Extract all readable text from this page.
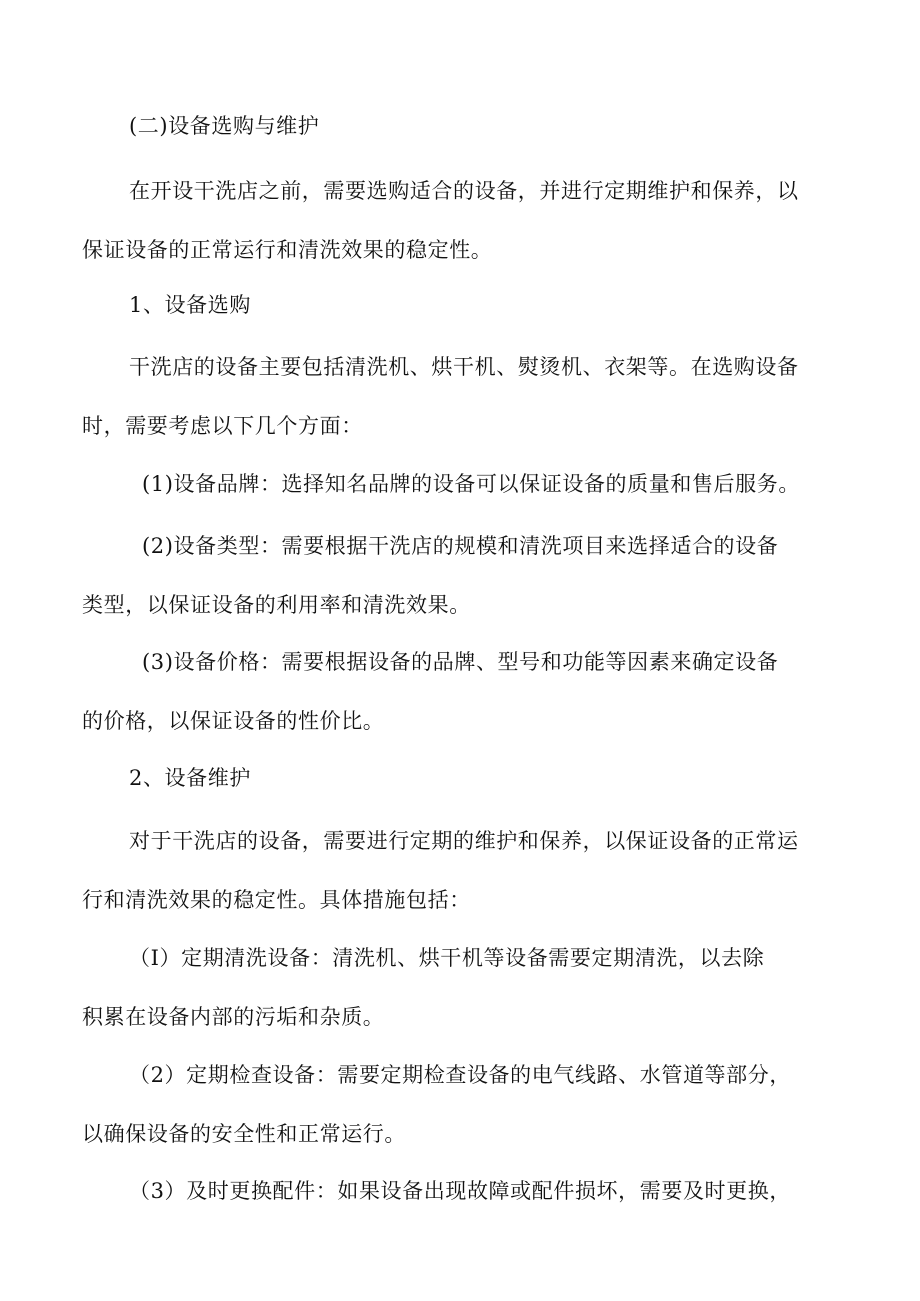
(二)设备选购与维护

在开设干洗店之前，需要选购适合的设备，并进行定期维护和保养，以
保证设备的正常运行和清洗效果的稳定性。

1、设备选购

干洗店的设备主要包括清洗机、烘干机、熨烫机、衣架等。在选购设备
时，需要考虑以下几个方面：

(1)设备品牌：选择知名品牌的设备可以保证设备的质量和售后服务。

(2)设备类型：需要根据干洗店的规模和清洗项目来选择适合的设备
类型，以保证设备的利用率和清洗效果。

(3)设备价格：需要根据设备的品牌、型号和功能等因素来确定设备
的价格，以保证设备的性价比。

2、设备维护

对于干洗店的设备，需要进行定期的维护和保养，以保证设备的正常运
行和清洗效果的稳定性。具体措施包括：

（I）定期清洗设备：清洗机、烘干机等设备需要定期清洗，以去除
积累在设备内部的污垢和杂质。

（2）定期检查设备：需要定期检查设备的电气线路、水管道等部分，
以确保设备的安全性和正常运行。

（3）及时更换配件：如果设备出现故障或配件损坏，需要及时更换，
